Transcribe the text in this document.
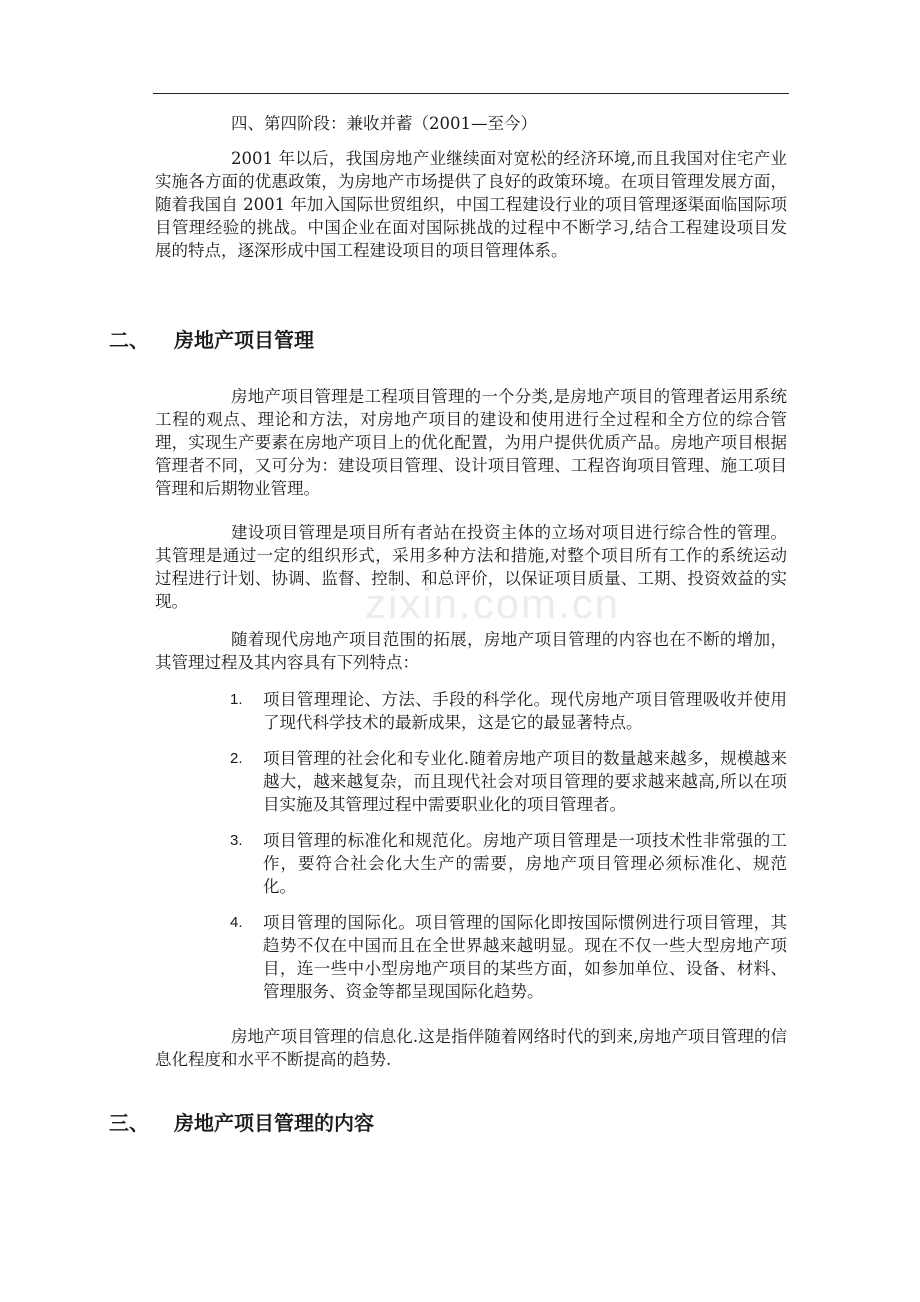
四、第四阶段：兼收并蓄（2001—至今）

2001 年以后，我国房地产业继续面对宽松的经济环境,而且我国对住宅产业实施各方面的优惠政策，为房地产市场提供了良好的政策环境。在项目管理发展方面，随着我国自 2001 年加入国际世贸组织，中国工程建设行业的项目管理逐渠面临国际项目管理经验的挑战。中国企业在面对国际挑战的过程中不断学习,结合工程建设项目发展的特点，逐深形成中国工程建设项目的项目管理体系。

二、 房地产项目管理

房地产项目管理是工程项目管理的一个分类,是房地产项目的管理者运用系统工程的观点、理论和方法，对房地产项目的建设和使用进行全过程和全方位的综合管理，实现生产要素在房地产项目上的优化配置，为用户提供优质产品。房地产项目根据管理者不同，又可分为：建设项目管理、设计项目管理、工程咨询项目管理、施工项目管理和后期物业管理。

建设项目管理是项目所有者站在投资主体的立场对项目进行综合性的管理。其管理是通过一定的组织形式，采用多种方法和措施,对整个项目所有工作的系统运动过程进行计划、协调、监督、控制、和总评价，以保证项目质量、工期、投资效益的实现。

随着现代房地产项目范围的拓展，房地产项目管理的内容也在不断的增加，其管理过程及其内容具有下列特点：

1. 项目管理理论、方法、手段的科学化。现代房地产项目管理吸收并使用了现代科学技术的最新成果，这是它的最显著特点。
2. 项目管理的社会化和专业化.随着房地产项目的数量越来越多，规模越来越大，越来越复杂，而且现代社会对项目管理的要求越来越高,所以在项目实施及其管理过程中需要职业化的项目管理者。
3. 项目管理的标准化和规范化。房地产项目管理是一项技术性非常强的工作，要符合社会化大生产的需要，房地产项目管理必须标准化、规范化。
4. 项目管理的国际化。项目管理的国际化即按国际惯例进行项目管理，其趋势不仅在中国而且在全世界越来越明显。现在不仅一些大型房地产项目，连一些中小型房地产项目的某些方面，如参加单位、设备、材料、管理服务、资金等都呈现国际化趋势。

房地产项目管理的信息化.这是指伴随着网络时代的到来,房地产项目管理的信息化程度和水平不断提高的趋势.

三、 房地产项目管理的内容
zixin.com.cn
